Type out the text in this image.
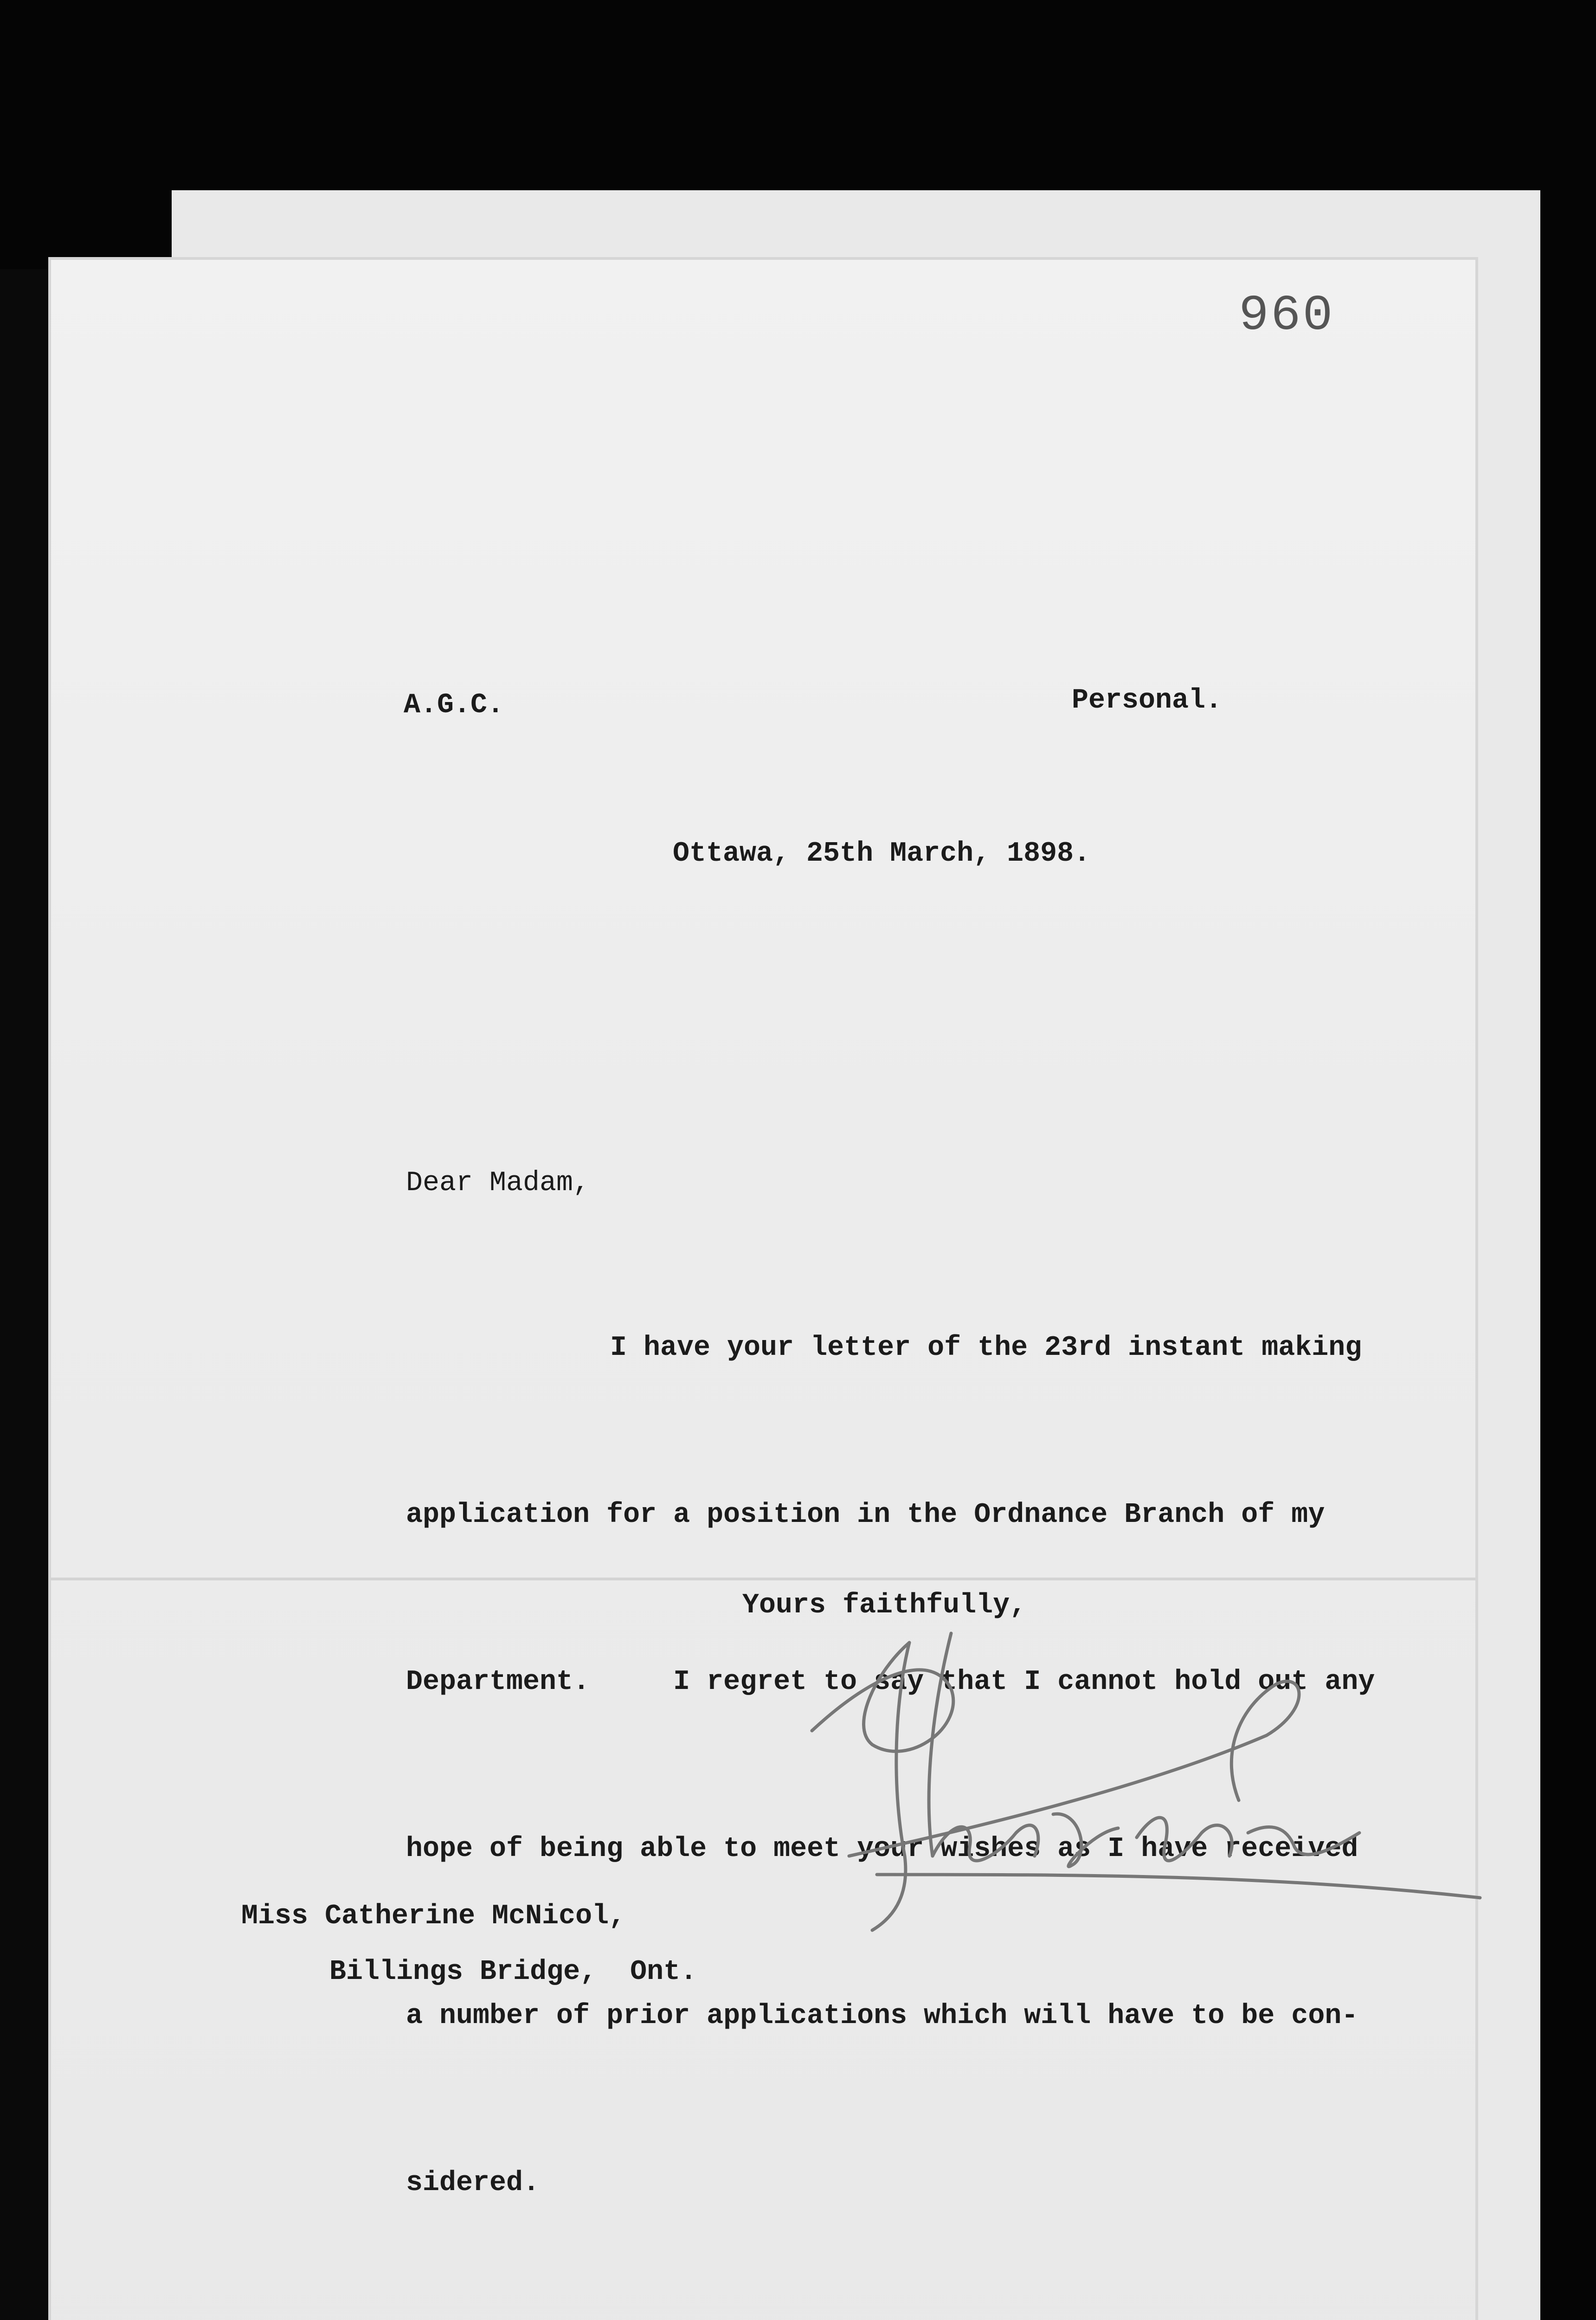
960
A.G.C.	Personal.
Ottawa, 25th March, 1898.
Dear Madam,

I have your letter of the 23rd instant making

application for a position in the Ordnance Branch of my

Department.     I regret to say that I cannot hold out any

hope of being able to meet your wishes as I have received

a number of prior applications which will have to be con-

sidered.

Yours faithfully,
Miss Catherine McNicol,
Billings Bridge,  Ont.
